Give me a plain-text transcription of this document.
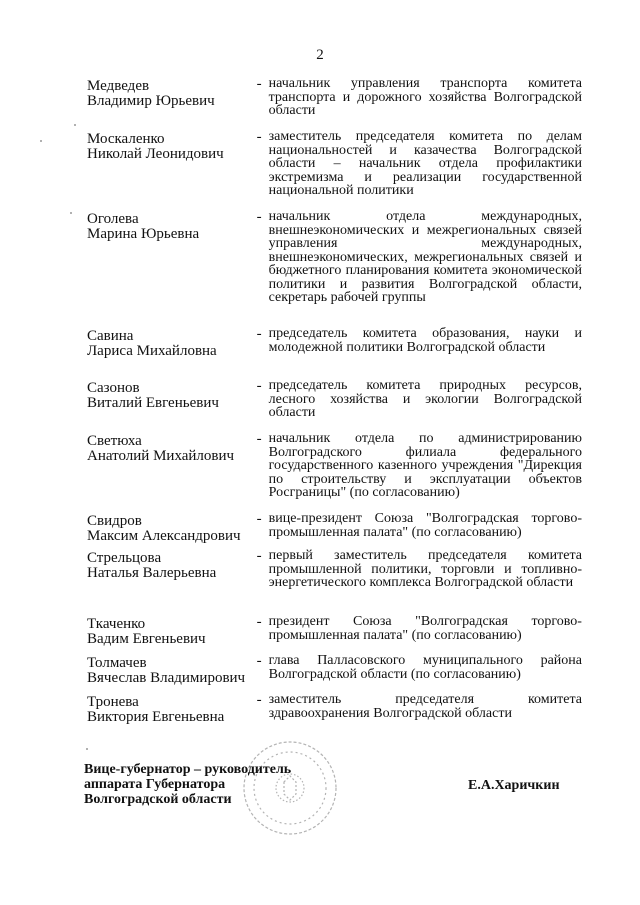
2
Медведев
Владимир Юрьевич
- начальник управления транспорта комитета транспорта и дорожного хозяйства Волгоградской области
Москаленко
Николай Леонидович
- заместитель председателя комитета по делам национальностей и казачества Волгоградской области – начальник отдела профилактики экстремизма и реализации государственной национальной политики
Оголева
Марина Юрьевна
- начальник отдела международных, внешнеэкономических и межрегиональных связей управления международных, внешнеэкономических, межрегиональных связей и бюджетного планирования комитета экономической политики и развития Волгоградской области, секретарь рабочей группы
Савина
Лариса Михайловна
- председатель комитета образования, науки и молодежной политики Волгоградской области
Сазонов
Виталий Евгеньевич
- председатель комитета природных ресурсов, лесного хозяйства и экологии Волгоградской области
Светюха
Анатолий Михайлович
- начальник отдела по администрированию Волгоградского филиала федерального государственного казенного учреждения "Дирекция по строительству и эксплуатации объектов Росграницы" (по согласованию)
Свидров
Максим Александрович
- вице-президент Союза "Волгоградская торгово-промышленная палата" (по согласованию)
Стрельцова
Наталья Валерьевна
- первый заместитель председателя комитета промышленной политики, торговли и топливно-энергетического комплекса Волгоградской области
Ткаченко
Вадим Евгеньевич
- президент Союза "Волгоградская торгово-промышленная палата" (по согласованию)
Толмачев
Вячеслав Владимирович
- глава Палласовского муниципального района Волгоградской области (по согласованию)
Тронева
Виктория Евгеньевна
- заместитель председателя комитета здравоохранения Волгоградской области
Вице-губернатор – руководитель
аппарата Губернатора
Волгоградской области
Е.А.Харичкин
